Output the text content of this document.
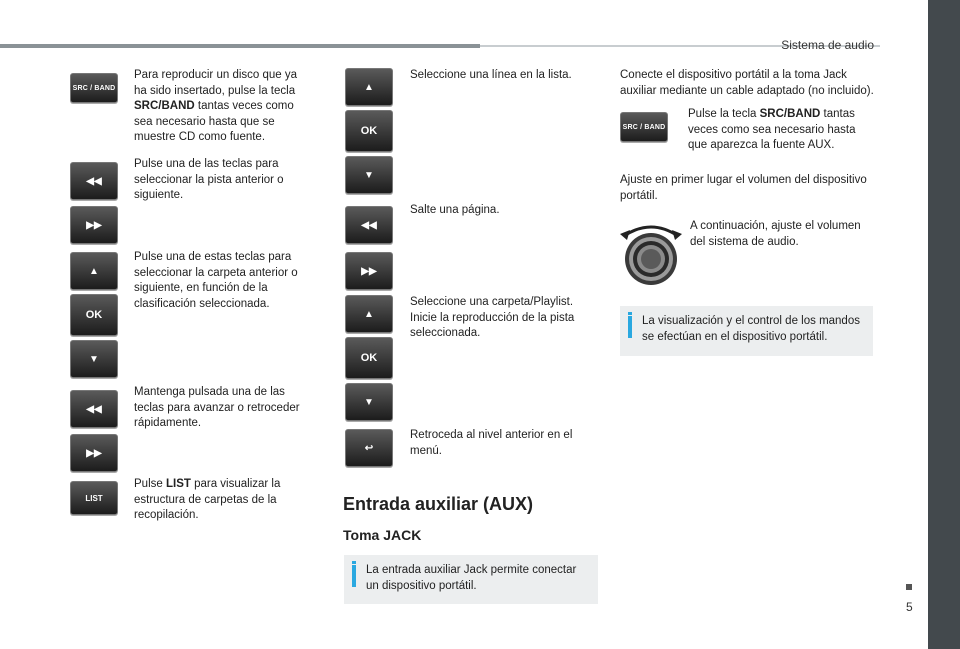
Sistema de audio
5
SRC / BAND
Para reproducir un disco que ya ha sido insertado, pulse la tecla SRC/BAND tantas veces como sea necesario hasta que se muestre CD como fuente.
◀◀
▶▶
Pulse una de las teclas para seleccionar la pista anterior o siguiente.
▲
OK
▼
Pulse una de estas teclas para seleccionar la carpeta anterior o siguiente, en función de la clasificación seleccionada.
◀◀
▶▶
Mantenga pulsada una de las teclas para avanzar o retroceder rápidamente.
LIST
Pulse LIST para visualizar la estructura de carpetas de la recopilación.
▲
OK
▼
Seleccione una línea en la lista.
◀◀
▶▶
Salte una página.
▲
OK
▼
Seleccione una carpeta/Playlist. Inicie la reproducción de la pista seleccionada.
↩
Retroceda al nivel anterior en el menú.
Entrada auxiliar (AUX)
Toma JACK
La entrada auxiliar Jack permite conectar un dispositivo portátil.
Conecte el dispositivo portátil a la toma Jack auxiliar mediante un cable adaptado (no incluido).
SRC / BAND
Pulse la tecla SRC/BAND tantas veces como sea necesario hasta que aparezca la fuente AUX.
Ajuste en primer lugar el volumen del dispositivo portátil.
A continuación, ajuste el volumen del sistema de audio.
La visualización y el control de los mandos se efectúan en el dispositivo portátil.
